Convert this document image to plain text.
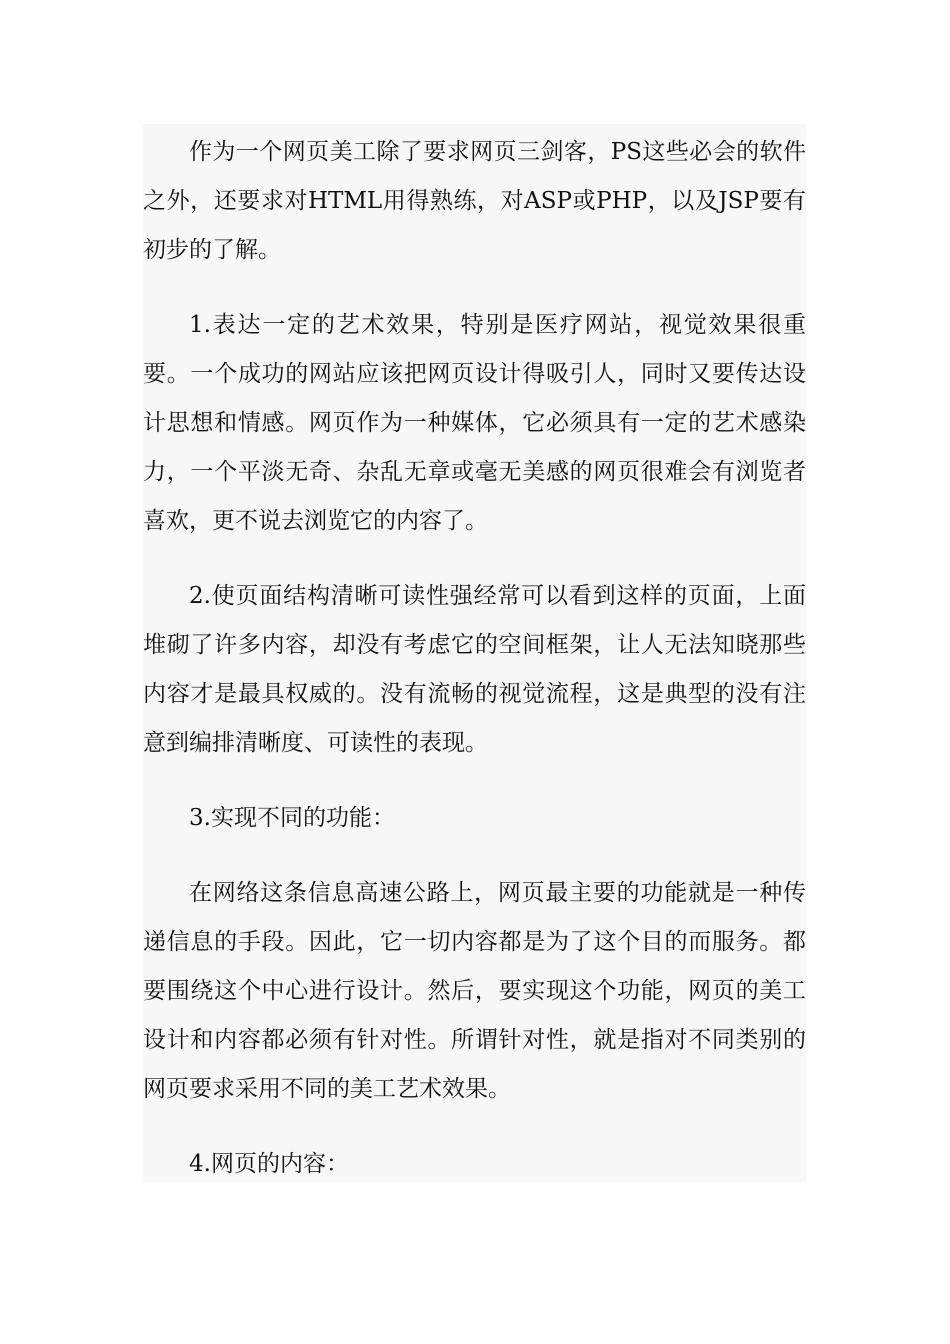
作为一个网页美工除了要求网页三剑客，PS这些必会的软件之外，还要求对HTML用得熟练，对ASP或PHP，以及JSP要有初步的了解。

1.表达一定的艺术效果，特别是医疗网站，视觉效果很重要。一个成功的网站应该把网页设计得吸引人，同时又要传达设计思想和情感。网页作为一种媒体，它必须具有一定的艺术感染力，一个平淡无奇、杂乱无章或毫无美感的网页很难会有浏览者喜欢，更不说去浏览它的内容了。

2.使页面结构清晰可读性强经常可以看到这样的页面，上面堆砌了许多内容，却没有考虑它的空间框架，让人无法知晓那些内容才是最具权威的。没有流畅的视觉流程，这是典型的没有注意到编排清晰度、可读性的表现。

3.实现不同的功能：

在网络这条信息高速公路上，网页最主要的功能就是一种传递信息的手段。因此，它一切内容都是为了这个目的而服务。都要围绕这个中心进行设计。然后，要实现这个功能，网页的美工设计和内容都必须有针对性。所谓针对性，就是指对不同类别的网页要求采用不同的美工艺术效果。

4.网页的内容：
